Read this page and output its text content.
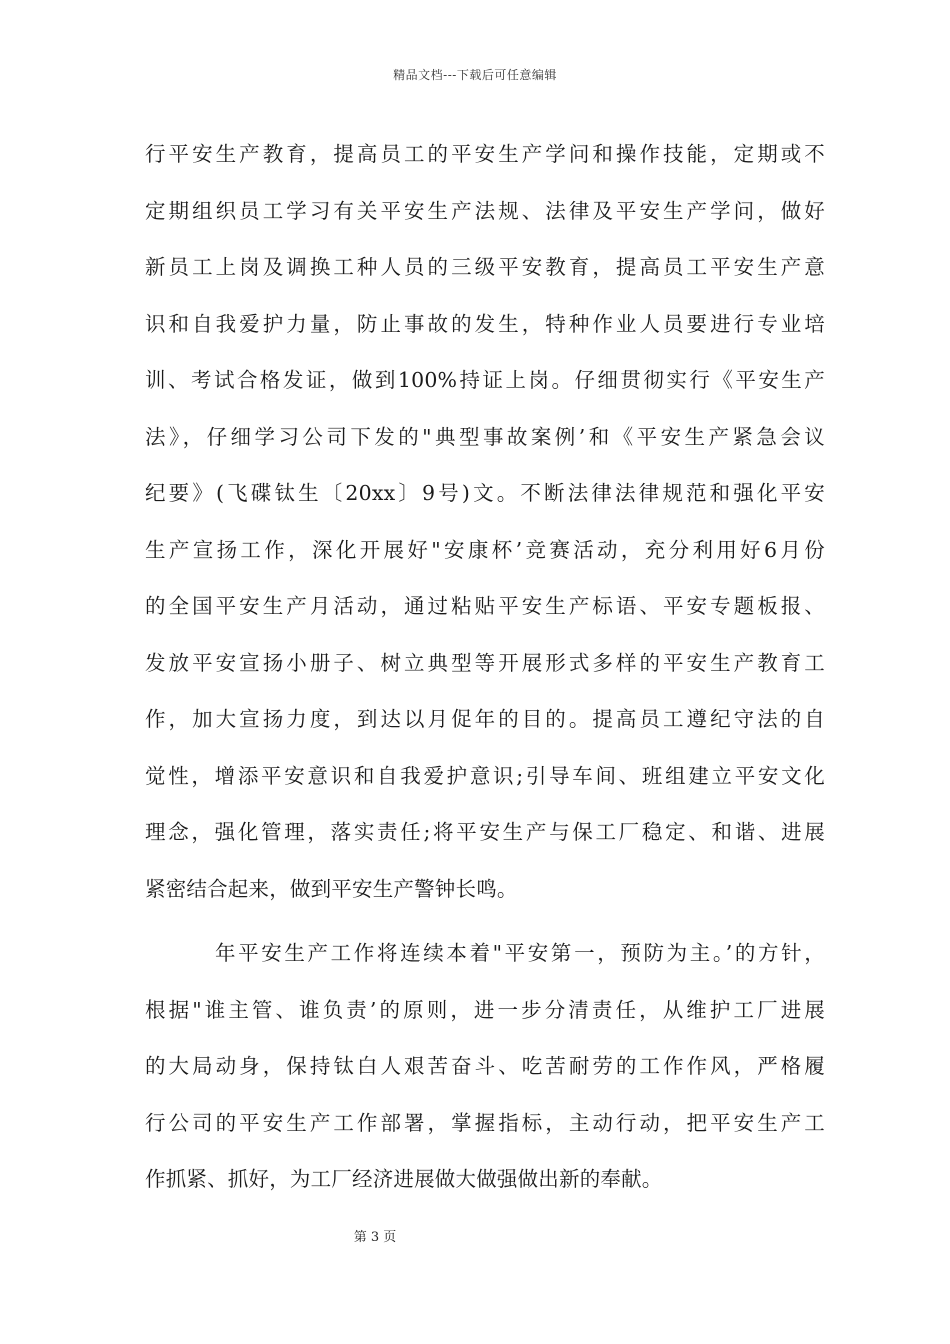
精品文档---下载后可任意编辑
行平安生产教育，提高员工的平安生产学问和操作技能，定期或不
定期组织员工学习有关平安生产法规、法律及平安生产学问，做好
新员工上岗及调换工种人员的三级平安教育，提高员工平安生产意
识和自我爱护力量，防止事故的发生，特种作业人员要进行专业培
训、考试合格发证，做到100%持证上岗。仔细贯彻实行《平安生产
法》，仔细学习公司下发的"典型事故案例’和《平安生产紧急会议
纪要》(飞碟钛生〔20xx〕9号)文。不断法律法律规范和强化平安
生产宣扬工作，深化开展好"安康杯’竞赛活动，充分利用好6月份
的全国平安生产月活动，通过粘贴平安生产标语、平安专题板报、
发放平安宣扬小册子、树立典型等开展形式多样的平安生产教育工
作，加大宣扬力度，到达以月促年的目的。提高员工遵纪守法的自
觉性，增添平安意识和自我爱护意识;引导车间、班组建立平安文化
理念，强化管理，落实责任;将平安生产与保工厂稳定、和谐、进展
紧密结合起来，做到平安生产警钟长鸣。
年平安生产工作将连续本着"平安第一，预防为主。’的方针，
根据"谁主管、谁负责’的原则，进一步分清责任，从维护工厂进展
的大局动身，保持钛白人艰苦奋斗、吃苦耐劳的工作作风，严格履
行公司的平安生产工作部署，掌握指标，主动行动，把平安生产工
作抓紧、抓好，为工厂经济进展做大做强做出新的奉献。
第 3 页
